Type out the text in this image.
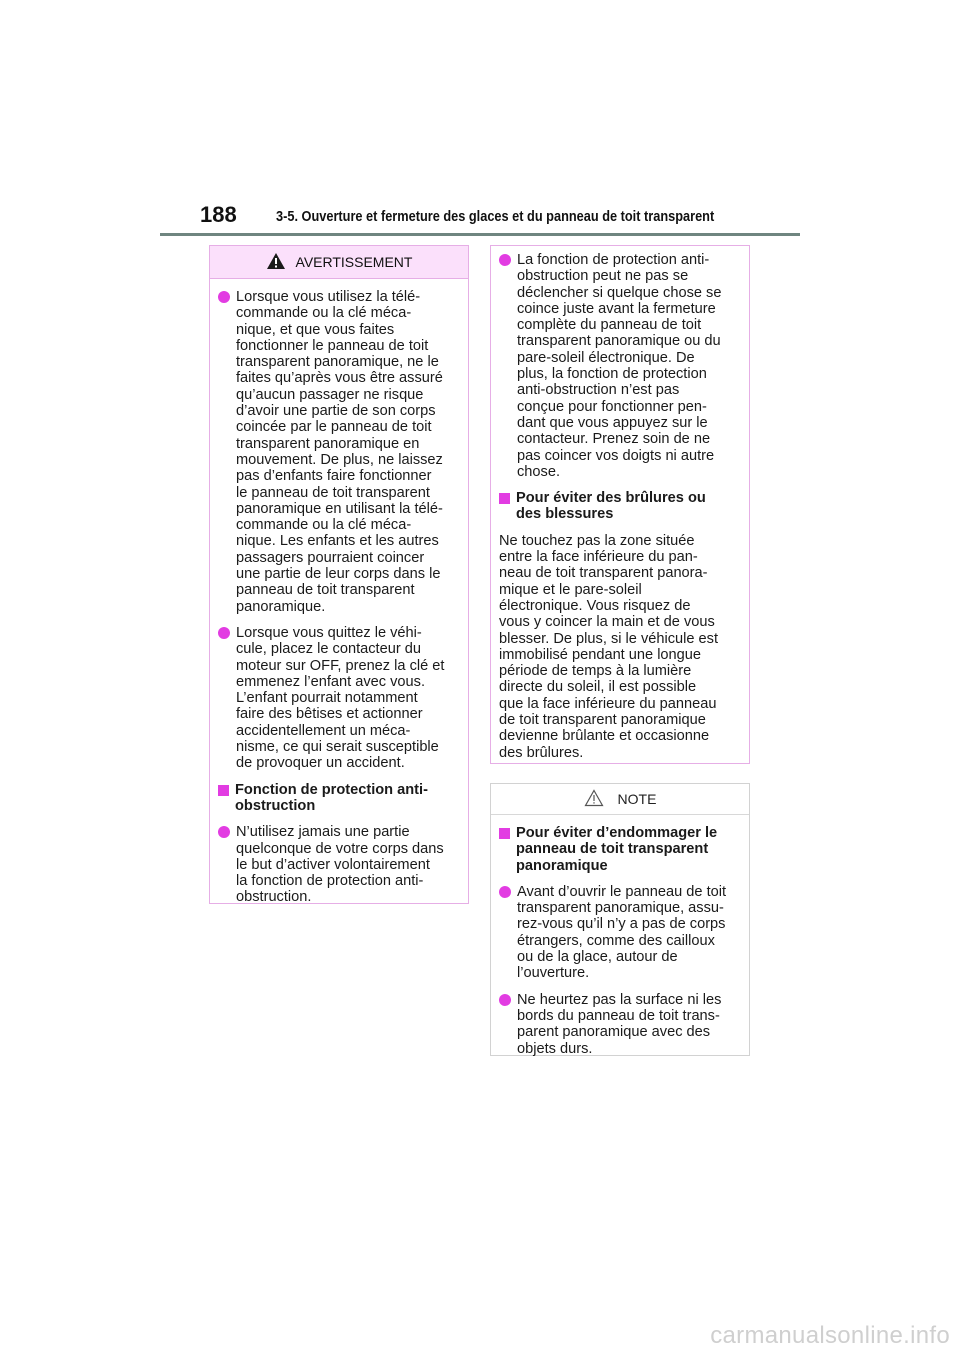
188	3-5. Ouverture et fermeture des glaces et du panneau de toit transparent
AVERTISSEMENT
Lorsque vous utilisez la télé-
commande ou la clé méca-
nique, et que vous faites
fonctionner le panneau de toit
transparent panoramique, ne le
faites qu’après vous être assuré
qu’aucun passager ne risque
d’avoir une partie de son corps
coincée par le panneau de toit
transparent panoramique en
mouvement. De plus, ne laissez
pas d’enfants faire fonctionner
le panneau de toit transparent
panoramique en utilisant la télé-
commande ou la clé méca-
nique. Les enfants et les autres
passagers pourraient coincer
une partie de leur corps dans le
panneau de toit transparent
panoramique.
Lorsque vous quittez le véhi-
cule, placez le contacteur du
moteur sur OFF, prenez la clé et
emmenez l’enfant avec vous.
L’enfant pourrait notamment
faire des bêtises et actionner
accidentellement un méca-
nisme, ce qui serait susceptible
de provoquer un accident.
Fonction de protection anti-
obstruction
N’utilisez jamais une partie
quelconque de votre corps dans
le but d’activer volontairement
la fonction de protection anti-
obstruction.
La fonction de protection anti-
obstruction peut ne pas se
déclencher si quelque chose se
coince juste avant la fermeture
complète du panneau de toit
transparent panoramique ou du
pare-soleil électronique. De
plus, la fonction de protection
anti-obstruction n’est pas
conçue pour fonctionner pen-
dant que vous appuyez sur le
contacteur. Prenez soin de ne
pas coincer vos doigts ni autre
chose.
Pour éviter des brûlures ou
des blessures
Ne touchez pas la zone située
entre la face inférieure du pan-
neau de toit transparent panora-
mique et le pare-soleil
électronique. Vous risquez de
vous y coincer la main et de vous
blesser. De plus, si le véhicule est
immobilisé pendant une longue
période de temps à la lumière
directe du soleil, il est possible
que la face inférieure du panneau
de toit transparent panoramique
devienne brûlante et occasionne
des brûlures.
NOTE
Pour éviter d’endommager le
panneau de toit transparent
panoramique
Avant d’ouvrir le panneau de toit
transparent panoramique, assu-
rez-vous qu’il n’y a pas de corps
étrangers, comme des cailloux
ou de la glace, autour de
l’ouverture.
Ne heurtez pas la surface ni les
bords du panneau de toit trans-
parent panoramique avec des
objets durs.
carmanualsonline.info
